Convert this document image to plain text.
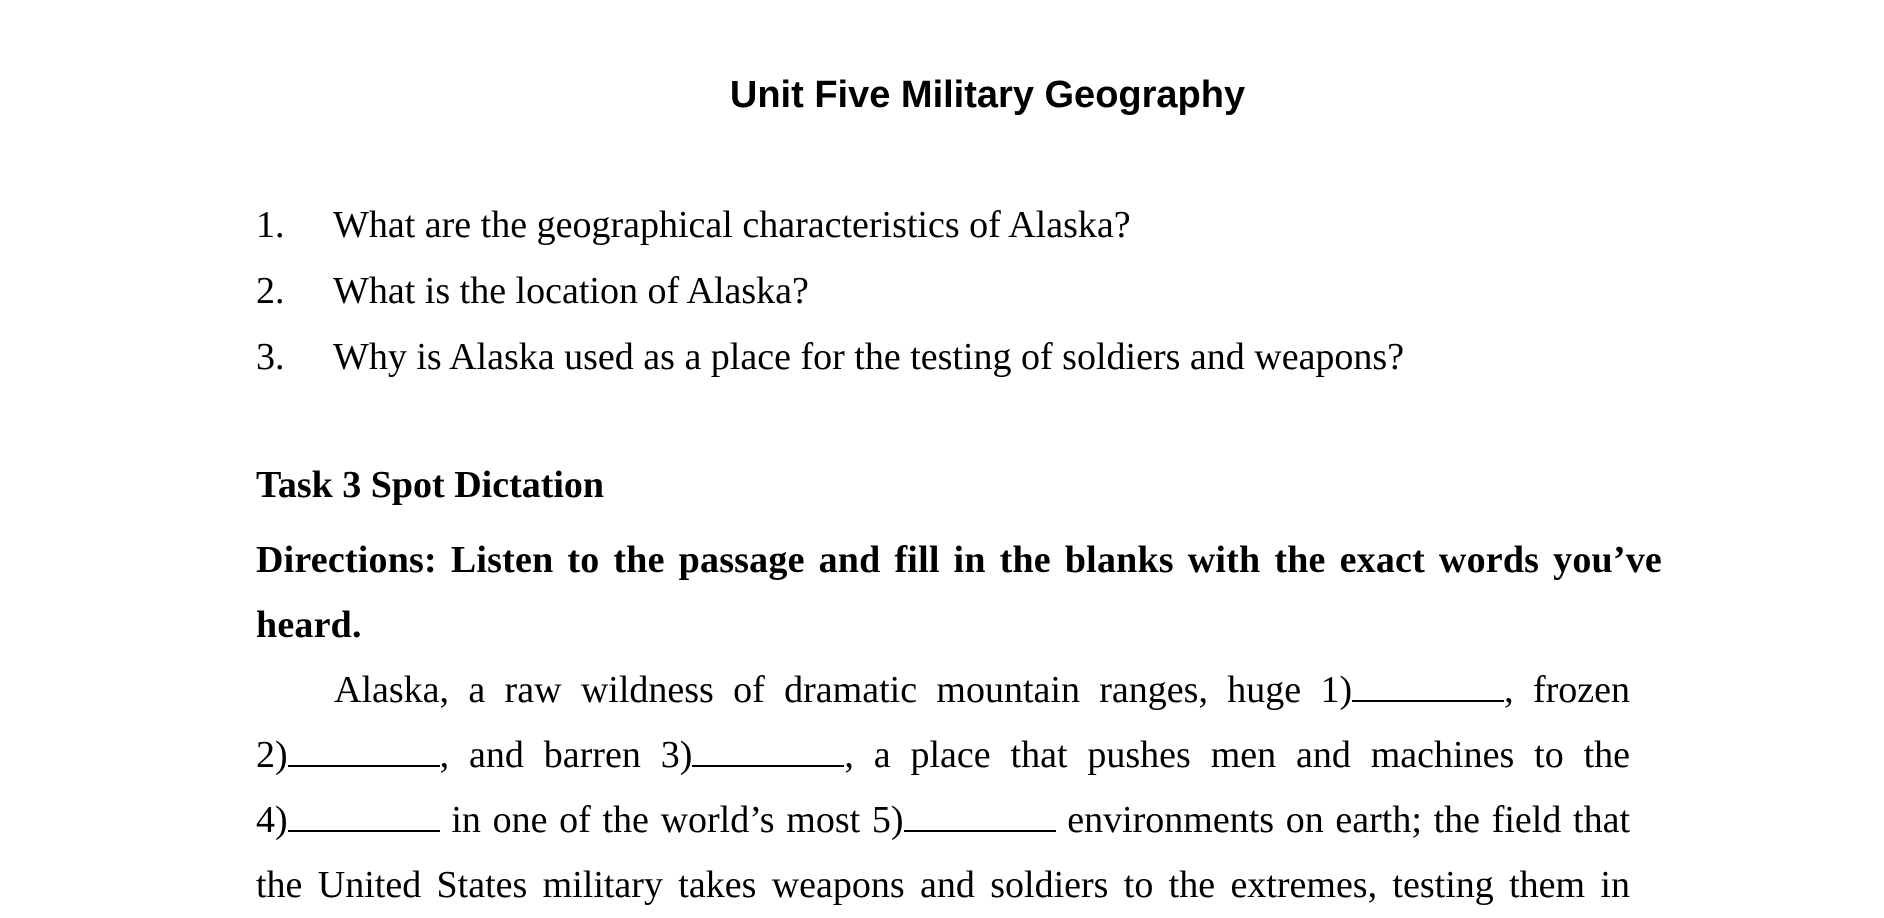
Unit Five Military Geography
1. What are the geographical characteristics of Alaska?
2. What is the location of Alaska?
3. Why is Alaska used as a place for the testing of soldiers and weapons?
Task 3 Spot Dictation
Directions: Listen to the passage and fill in the blanks with the exact words you’ve heard.
Alaska, a raw wildness of dramatic mountain ranges, huge 1)	, frozen
2)	, and barren 3)	, a place that pushes men and machines to the
4)	in one of the world’s most 5)	environments on earth; the field that
the United States military takes weapons and soldiers to the extremes, testing them in
